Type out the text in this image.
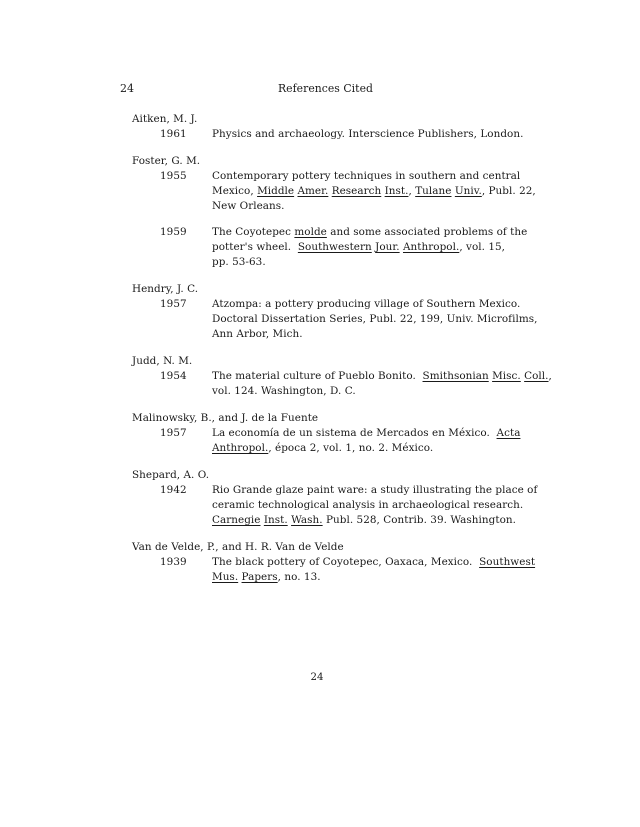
24	References Cited
Aitken, M. J.
1961	Physics and archaeology. Interscience Publishers, London.
Foster, G. M.
1955	Contemporary pottery techniques in southern and central
Mexico, Middle Amer. Research Inst., Tulane Univ., Publ. 22,
New Orleans.
1959	The Coyotepec molde and some associated problems of the
potter's wheel. Southwestern Jour. Anthropol., vol. 15,
pp. 53-63.
Hendry, J. C.
1957	Atzompa: a pottery producing village of Southern Mexico.
Doctoral Dissertation Series, Publ. 22, 199, Univ. Microfilms,
Ann Arbor, Mich.
Judd, N. M.
1954	The material culture of Pueblo Bonito. Smithsonian Misc. Coll.,
vol. 124. Washington, D. C.
Malinowsky, B., and J. de la Fuente
1957	La economía de un sistema de Mercados en México. Acta
Anthropol., época 2, vol. 1, no. 2. México.
Shepard, A. O.
1942	Rio Grande glaze paint ware: a study illustrating the place of
ceramic technological analysis in archaeological research.
Carnegie Inst. Wash. Publ. 528, Contrib. 39. Washington.
Van de Velde, P., and H. R. Van de Velde
1939	The black pottery of Coyotepec, Oaxaca, Mexico. Southwest
Mus. Papers, no. 13.
24
